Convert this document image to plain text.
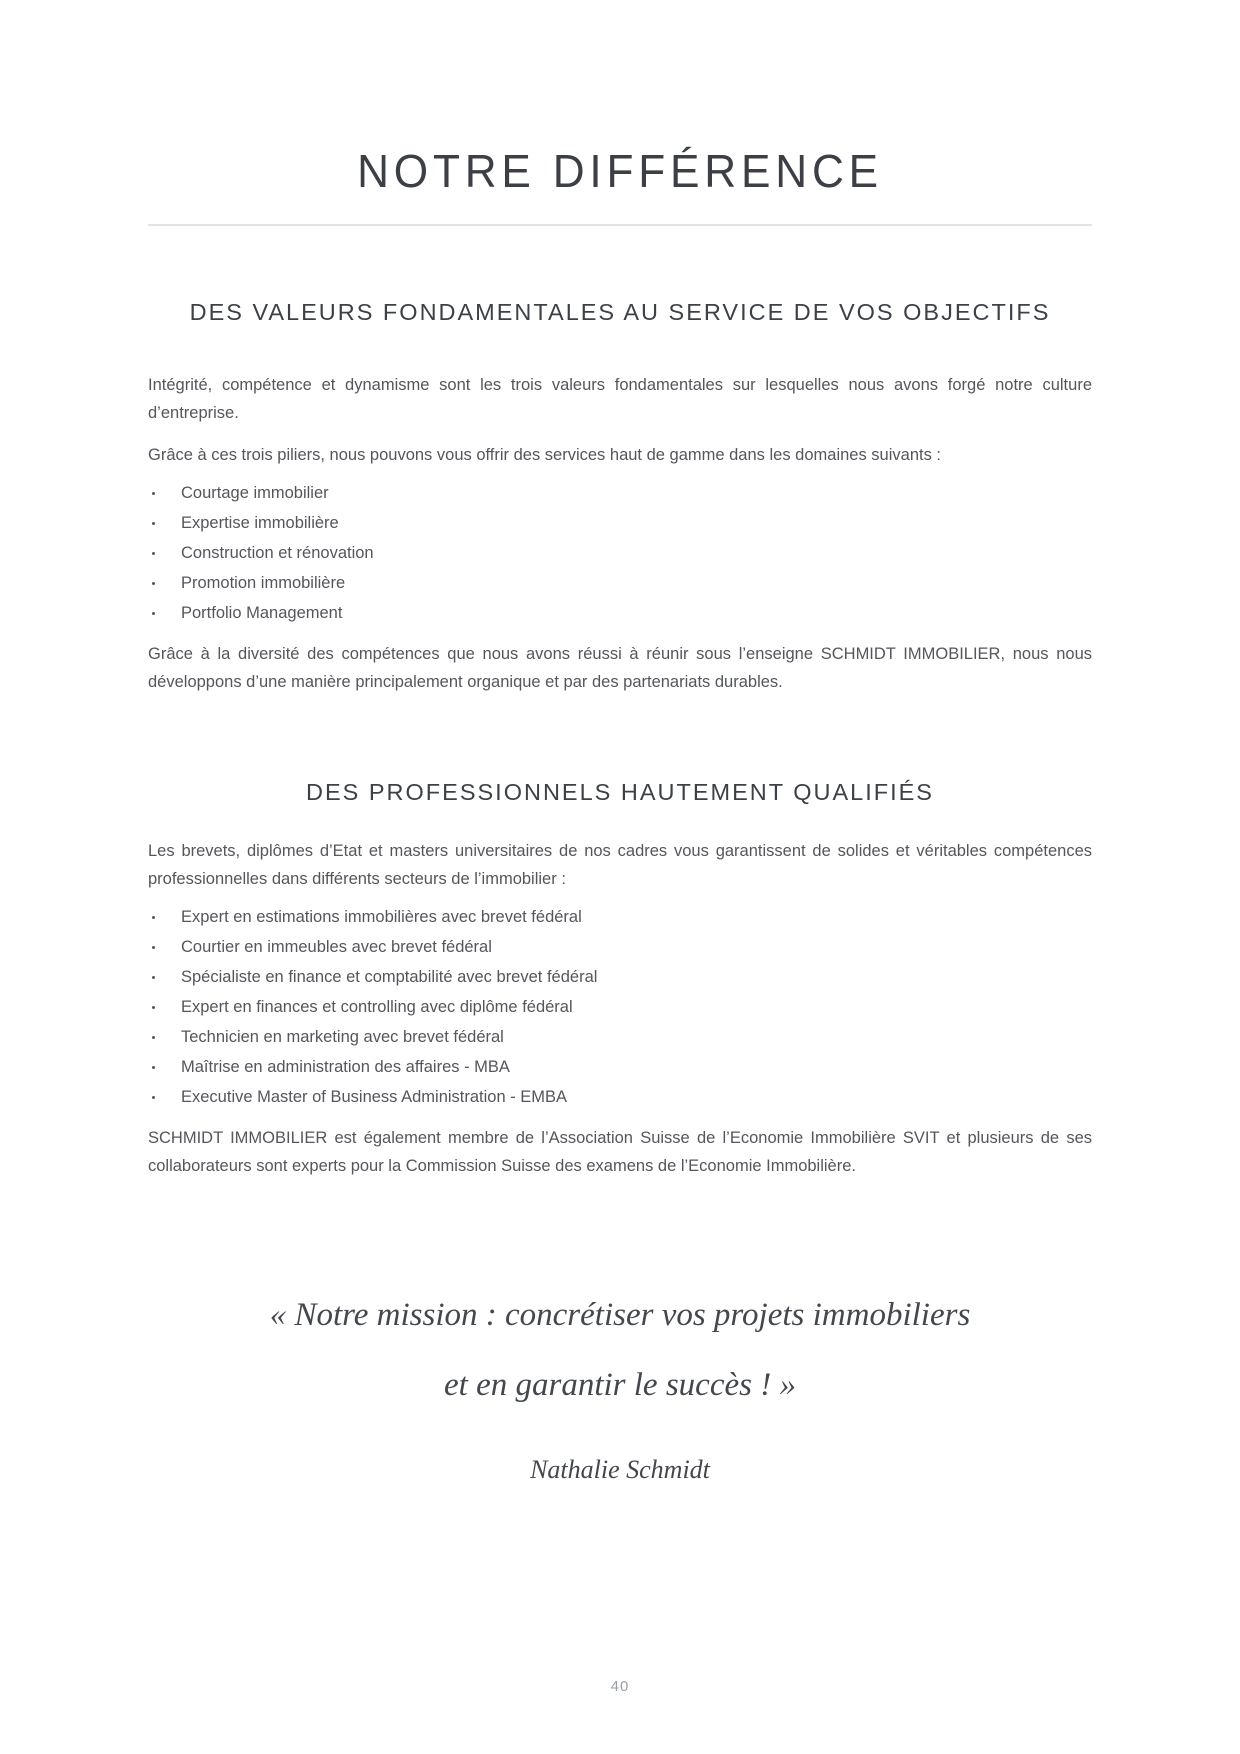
NOTRE DIFFÉRENCE
DES VALEURS FONDAMENTALES AU SERVICE DE VOS OBJECTIFS

Intégrité, compétence et dynamisme sont les trois valeurs fondamentales sur lesquelles nous avons forgé notre culture d’entreprise.

Grâce à ces trois piliers, nous pouvons vous offrir des services haut de gamme dans les domaines suivants :

Courtage immobilier
Expertise immobilière
Construction et rénovation
Promotion immobilière
Portfolio Management

Grâce à la diversité des compétences que nous avons réussi à réunir sous l’enseigne SCHMIDT IMMOBILIER, nous nous développons d’une manière principalement organique et par des partenariats durables.

DES PROFESSIONNELS HAUTEMENT QUALIFIÉS

Les brevets, diplômes d’Etat et masters universitaires de nos cadres vous garantissent de solides et véritables compétences professionnelles dans différents secteurs de l’immobilier :

Expert en estimations immobilières avec brevet fédéral
Courtier en immeubles avec brevet fédéral
Spécialiste en finance et comptabilité avec brevet fédéral
Expert en finances et controlling avec diplôme fédéral
Technicien en marketing avec brevet fédéral
Maîtrise en administration des affaires - MBA
Executive Master of Business Administration - EMBA

SCHMIDT IMMOBILIER est également membre de l’Association Suisse de l’Economie Immobilière SVIT et plusieurs de ses collaborateurs sont experts pour la Commission Suisse des examens de l’Economie Immobilière.

« Notre mission : concrétiser vos projets immobiliers
et en garantir le succès ! »
Nathalie Schmidt
40
